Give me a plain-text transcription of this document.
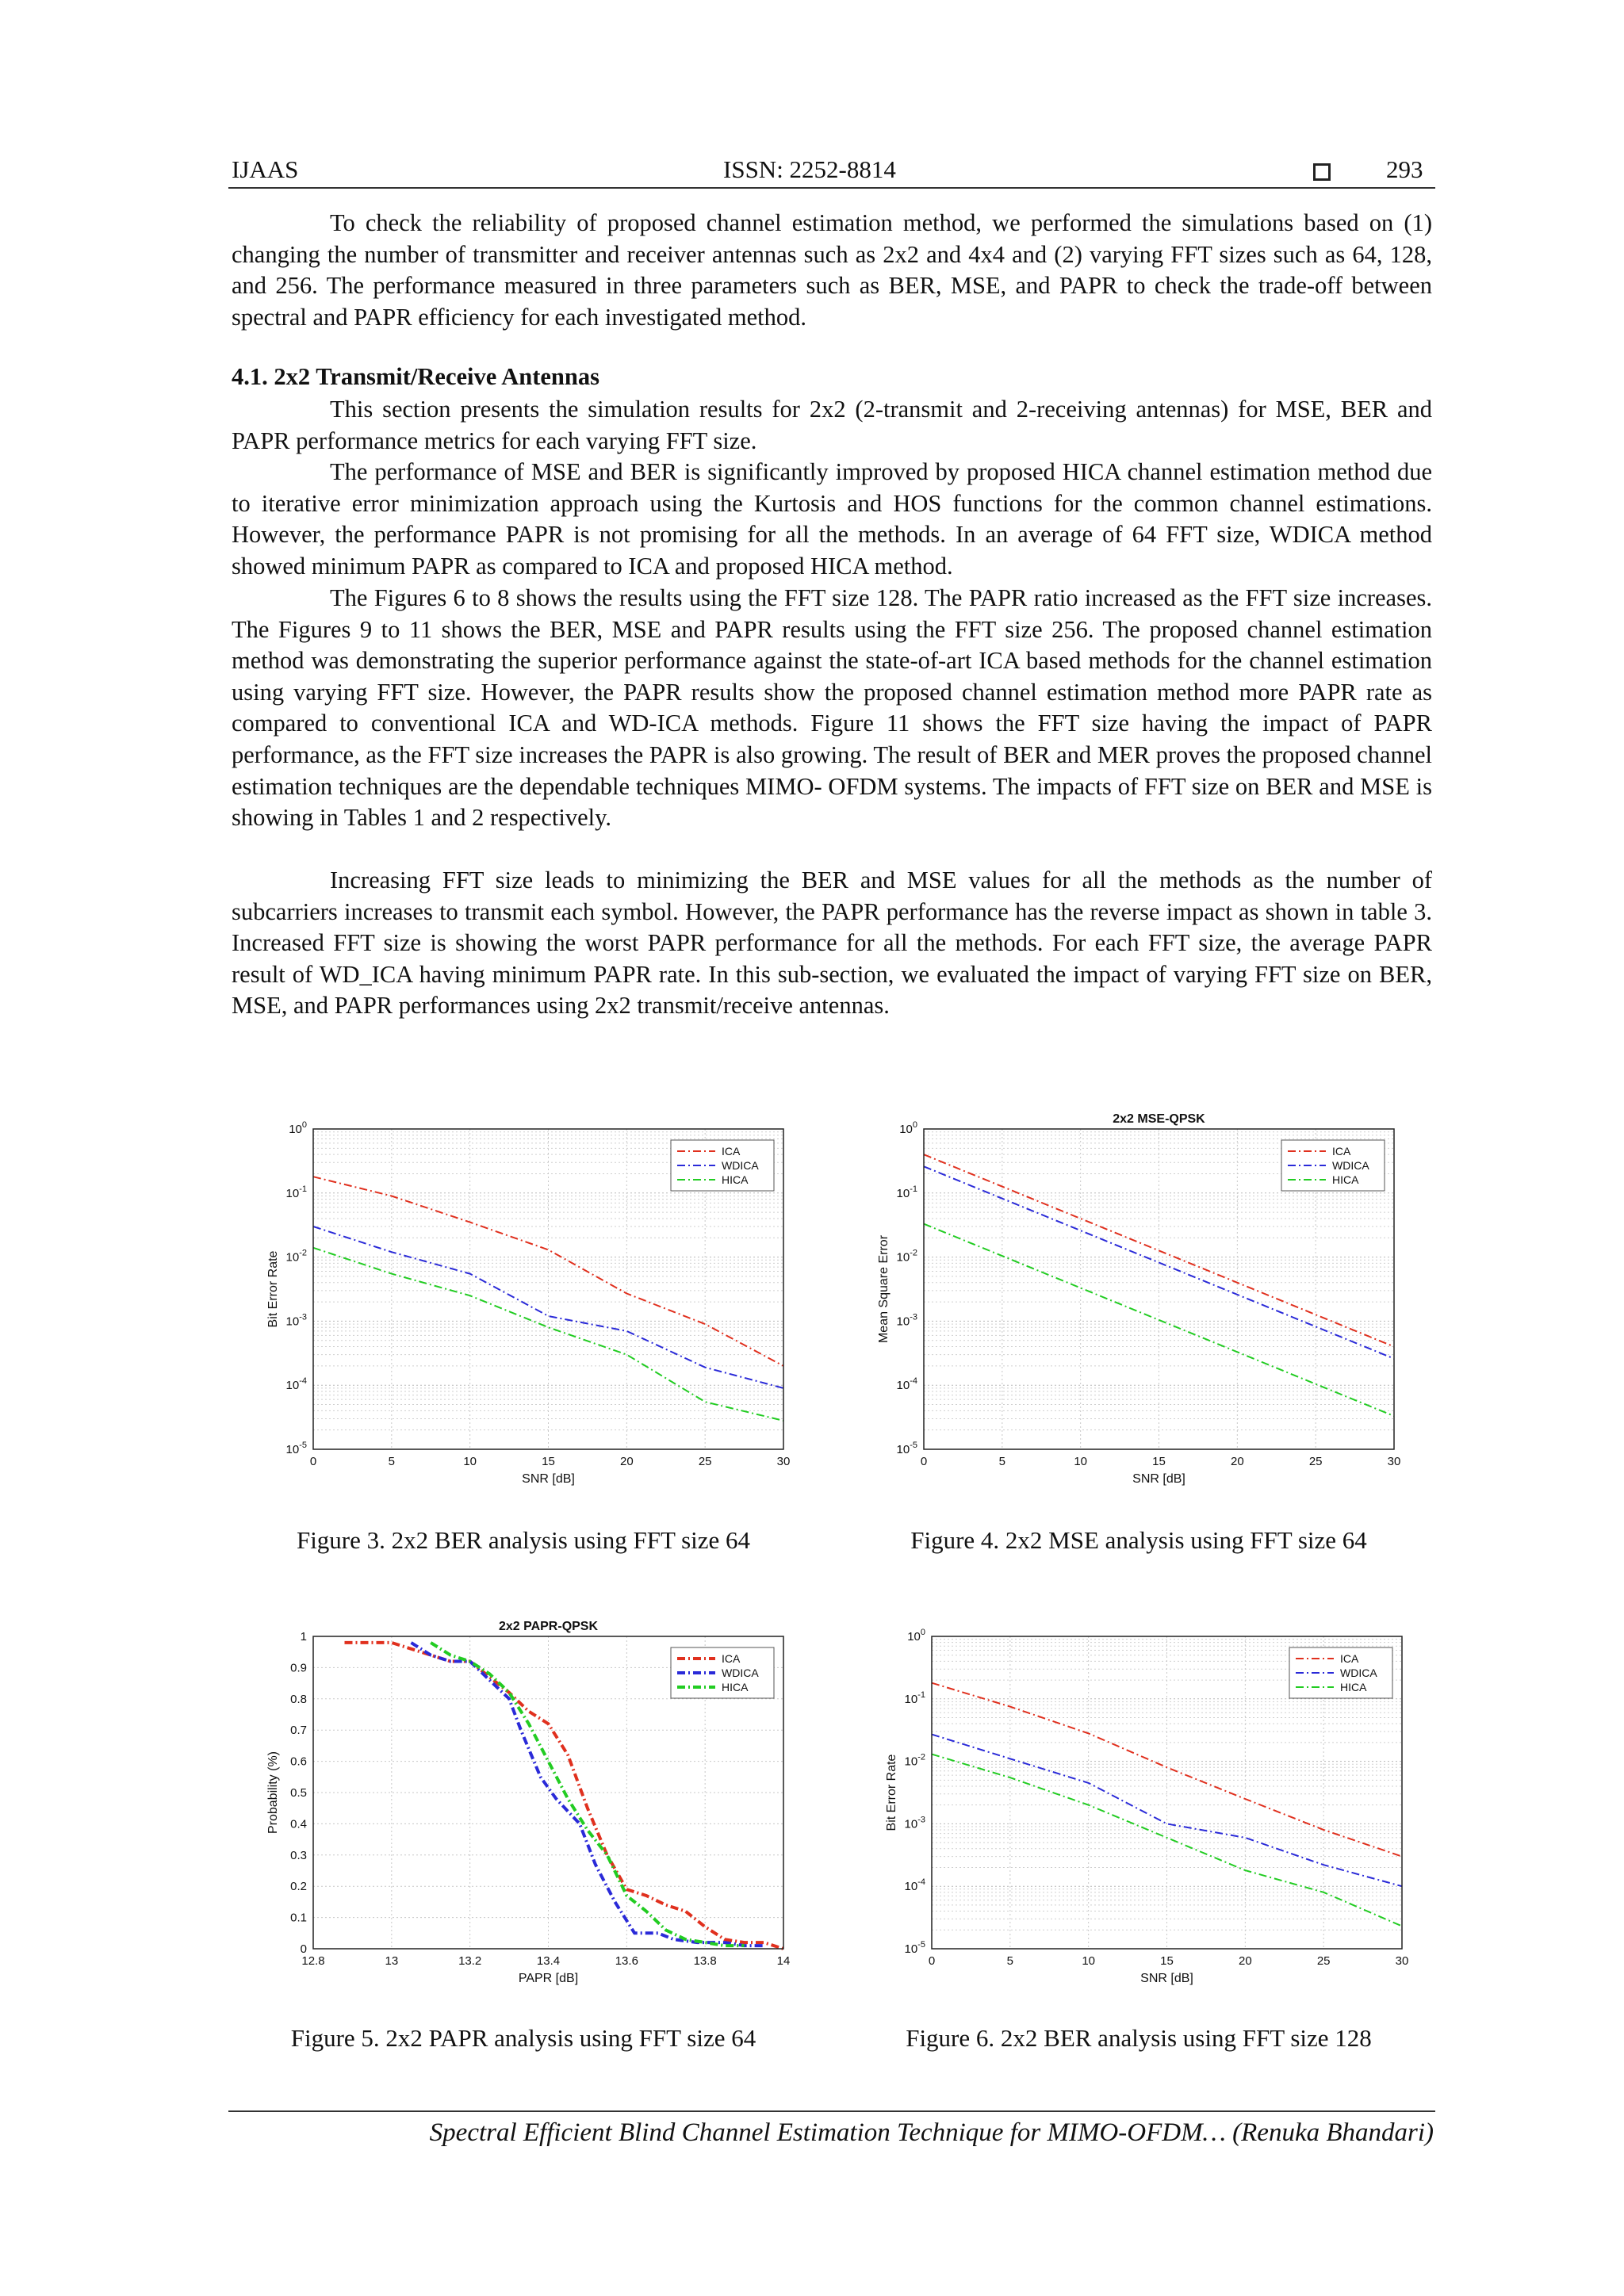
IJAAS	ISSN: 2252-8814	293
To check the reliability of proposed channel estimation method, we performed the simulations based on (1) changing the number of transmitter and receiver antennas such as 2x2 and 4x4 and (2) varying FFT sizes such as 64, 128, and 256. The performance measured in three parameters such as BER, MSE, and PAPR to check the trade-off between spectral and PAPR efficiency for each investigated method.
4.1. 2x2 Transmit/Receive Antennas
This section presents the simulation results for 2x2 (2-transmit and 2-receiving antennas) for MSE, BER and PAPR performance metrics for each varying FFT size.
The performance of MSE and BER is significantly improved by proposed HICA channel estimation method due to iterative error minimization approach using the Kurtosis and HOS functions for the common channel estimations. However, the performance PAPR is not promising for all the methods. In an average of 64 FFT size, WDICA method showed minimum PAPR as compared to ICA and proposed HICA method.
The Figures 6 to 8 shows the results using the FFT size 128. The PAPR ratio increased as the FFT size increases. The Figures 9 to 11 shows the BER, MSE and PAPR results using the FFT size 256. The proposed channel estimation method was demonstrating the superior performance against the state-of-art ICA based methods for the channel estimation using varying FFT size. However, the PAPR results show the proposed channel estimation method more PAPR rate as compared to conventional ICA and WD-ICA methods. Figure 11 shows the FFT size having the impact of PAPR performance, as the FFT size increases the PAPR is also growing. The result of BER and MER proves the proposed channel estimation techniques are the dependable techniques MIMO- OFDM systems. The impacts of FFT size on BER and MSE is showing in Tables 1 and 2 respectively.
Increasing FFT size leads to minimizing the BER and MSE values for all the methods as the number of subcarriers increases to transmit each symbol. However, the PAPR performance has the reverse impact as shown in table 3. Increased FFT size is showing the worst PAPR performance for all the methods. For each FFT size, the average PAPR result of WD_ICA having minimum PAPR rate. In this sub-section, we evaluated the impact of varying FFT size on BER, MSE, and PAPR performances using 2x2 transmit/receive antennas.
0	5	10	15	20	25	30
$10^{-5}$
$10^{-4}$
$10^{-3}$
$10^{-2}$
$10^{-1}$
$10^0$
SNR [dB]
Bit Error Rate
ICA
WDICA
HICA
0	5	10	15	20	25	30
$10^{-5}$
$10^{-4}$
$10^{-3}$
$10^{-2}$
$10^{-1}$
$10^0$
SNR [dB]
Mean Square Error
2x2 MSE-QPSK
ICA
WDICA
HICA
12.8	13	13.2	13.4	13.6	13.8	14
0
0.1
0.2
0.3
0.4
0.5
0.6
0.7
0.8
0.9
1
PAPR [dB]
Probability (%)
2x2 PAPR-QPSK
ICA
WDICA
HICA
0	5	10	15	20	25	30
$10^{-5}$
$10^{-4}$
$10^{-3}$
$10^{-2}$
$10^{-1}$
$10^0$
SNR [dB]
Bit Error Rate
ICA
WDICA
HICA
Figure 3. 2x2 BER analysis using FFT size 64	Figure 4. 2x2 MSE analysis using FFT size 64
Figure 5. 2x2 PAPR analysis using FFT size 64	Figure 6. 2x2 BER analysis using FFT size 128
Spectral Efficient Blind Channel Estimation Technique for MIMO-OFDM… (Renuka Bhandari)
